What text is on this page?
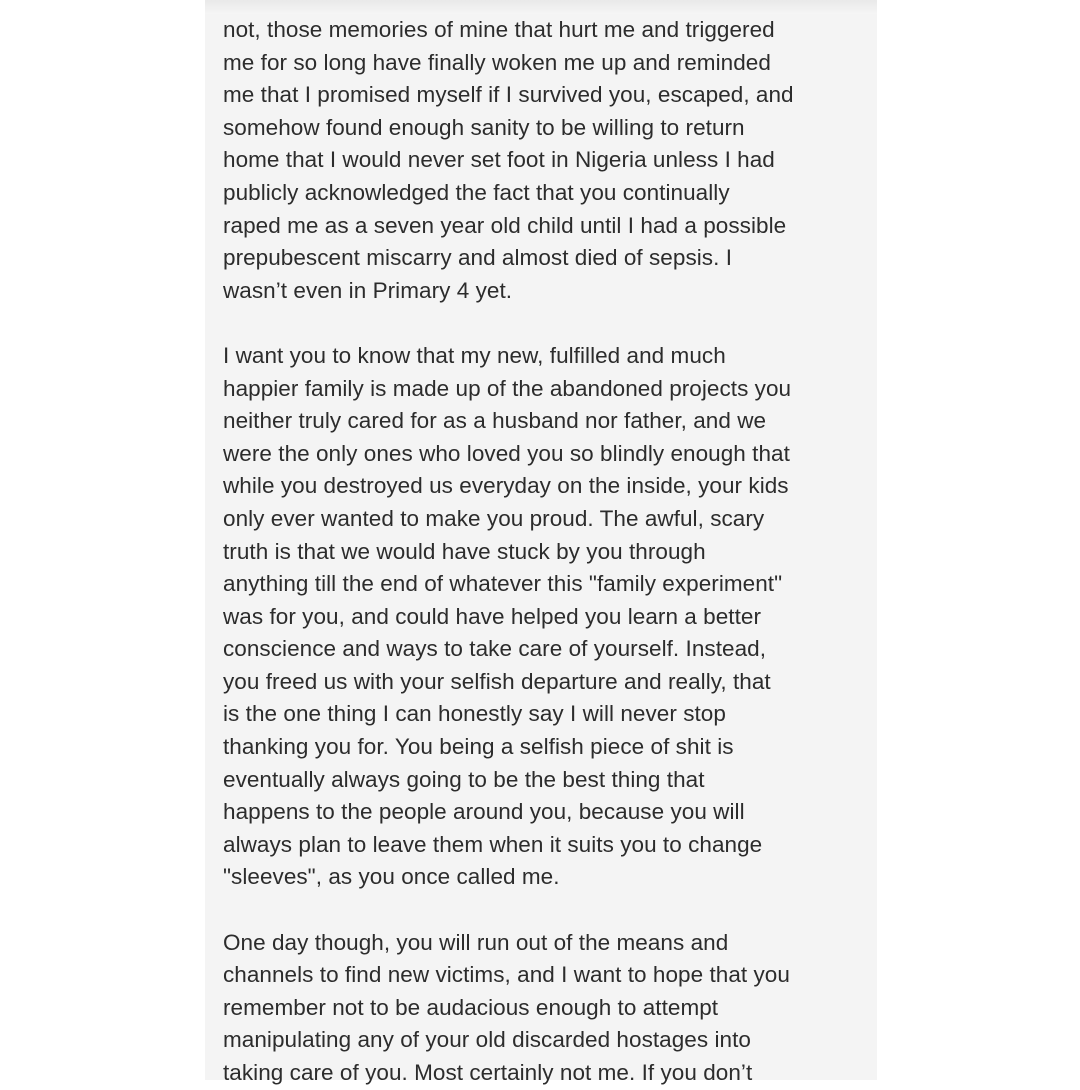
not, those memories of mine that hurt me and triggered
me for so long have finally woken me up and reminded
me that I promised myself if I survived you, escaped, and
somehow found enough sanity to be willing to return
home that I would never set foot in Nigeria unless I had
publicly acknowledged the fact that you continually
raped me as a seven year old child until I had a possible
prepubescent miscarry and almost died of sepsis. I
wasn’t even in Primary 4 yet.

I want you to know that my new, fulfilled and much
happier family is made up of the abandoned projects you
neither truly cared for as a husband nor father, and we
were the only ones who loved you so blindly enough that
while you destroyed us everyday on the inside, your kids
only ever wanted to make you proud. The awful, scary
truth is that we would have stuck by you through
anything till the end of whatever this "family experiment"
was for you, and could have helped you learn a better
conscience and ways to take care of yourself. Instead,
you freed us with your selfish departure and really, that
is the one thing I can honestly say I will never stop
thanking you for. You being a selfish piece of shit is
eventually always going to be the best thing that
happens to the people around you, because you will
always plan to leave them when it suits you to change
"sleeves", as you once called me.

One day though, you will run out of the means and
channels to find new victims, and I want to hope that you
remember not to be audacious enough to attempt
manipulating any of your old discarded hostages into
taking care of you. Most certainly not me. If you don’t
